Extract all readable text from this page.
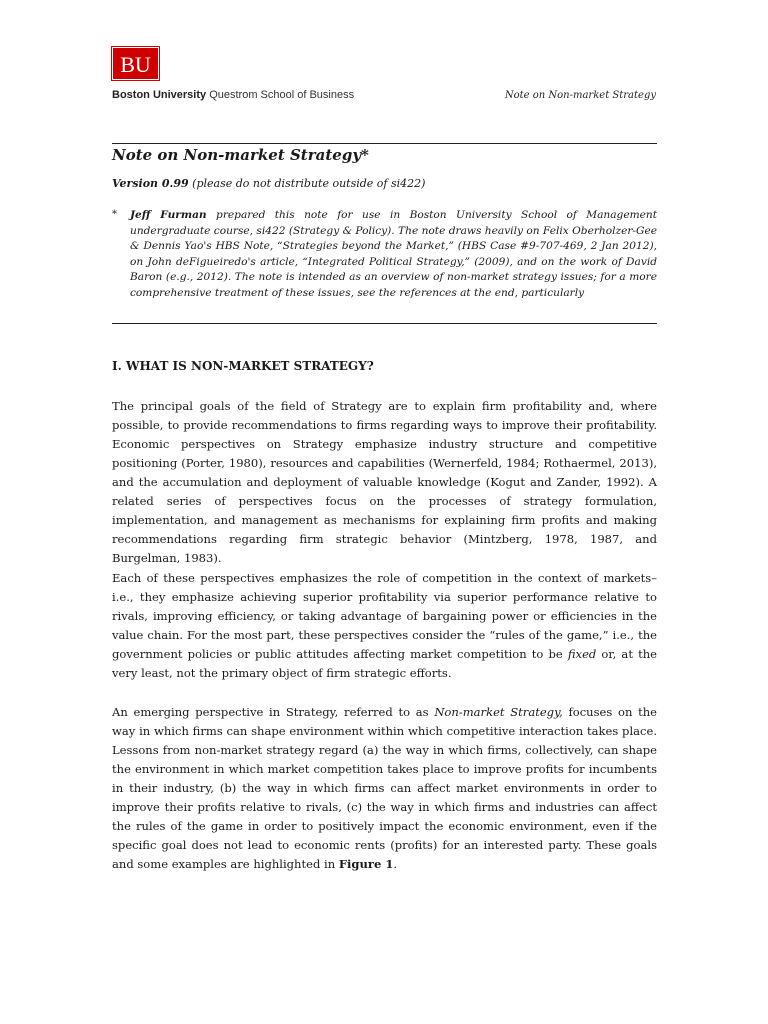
BU
Boston University Questrom School of Business	Note on Non-market Strategy
Note on Non-market Strategy*
Version 0.99 (please do not distribute outside of si422)
* Jeff Furman prepared this note for use in Boston University School of Management undergraduate course, si422 (Strategy & Policy). The note draws heavily on Felix Oberholzer-Gee & Dennis Yao's HBS Note, “Strategies beyond the Market,” (HBS Case #9-707-469, 2 Jan 2012), on John deFigueiredo's article, “Integrated Political Strategy,” (2009), and on the work of David Baron (e.g., 2012). The note is intended as an overview of non-market strategy issues; for a more comprehensive treatment of these issues, see the references at the end, particularly
I. WHAT IS NON-MARKET STRATEGY?

The principal goals of the field of Strategy are to explain firm profitability and, where possible, to provide recommendations to firms regarding ways to improve their profitability. Economic perspectives on Strategy emphasize industry structure and competitive positioning (Porter, 1980), resources and capabilities (Wernerfeld, 1984; Rothaermel, 2013), and the accumulation and deployment of valuable knowledge (Kogut and Zander, 1992). A related series of perspectives focus on the processes of strategy formulation, implementation, and management as mechanisms for explaining firm profits and making recommendations regarding firm strategic behavior (Mintzberg, 1978, 1987, and Burgelman, 1983).

Each of these perspectives emphasizes the role of competition in the context of markets– i.e., they emphasize achieving superior profitability via superior performance relative to rivals, improving efficiency, or taking advantage of bargaining power or efficiencies in the value chain. For the most part, these perspectives consider the “rules of the game,” i.e., the government policies or public attitudes affecting market competition to be fixed or, at the very least, not the primary object of firm strategic efforts.

An emerging perspective in Strategy, referred to as Non-market Strategy, focuses on the way in which firms can shape environment within which competitive interaction takes place. Lessons from non-market strategy regard (a) the way in which firms, collectively, can shape the environment in which market competition takes place to improve profits for incumbents in their industry, (b) the way in which firms can affect market environments in order to improve their profits relative to rivals, (c) the way in which firms and industries can affect the rules of the game in order to positively impact the economic environment, even if the specific goal does not lead to economic rents (profits) for an interested party. These goals and some examples are highlighted in Figure 1.
